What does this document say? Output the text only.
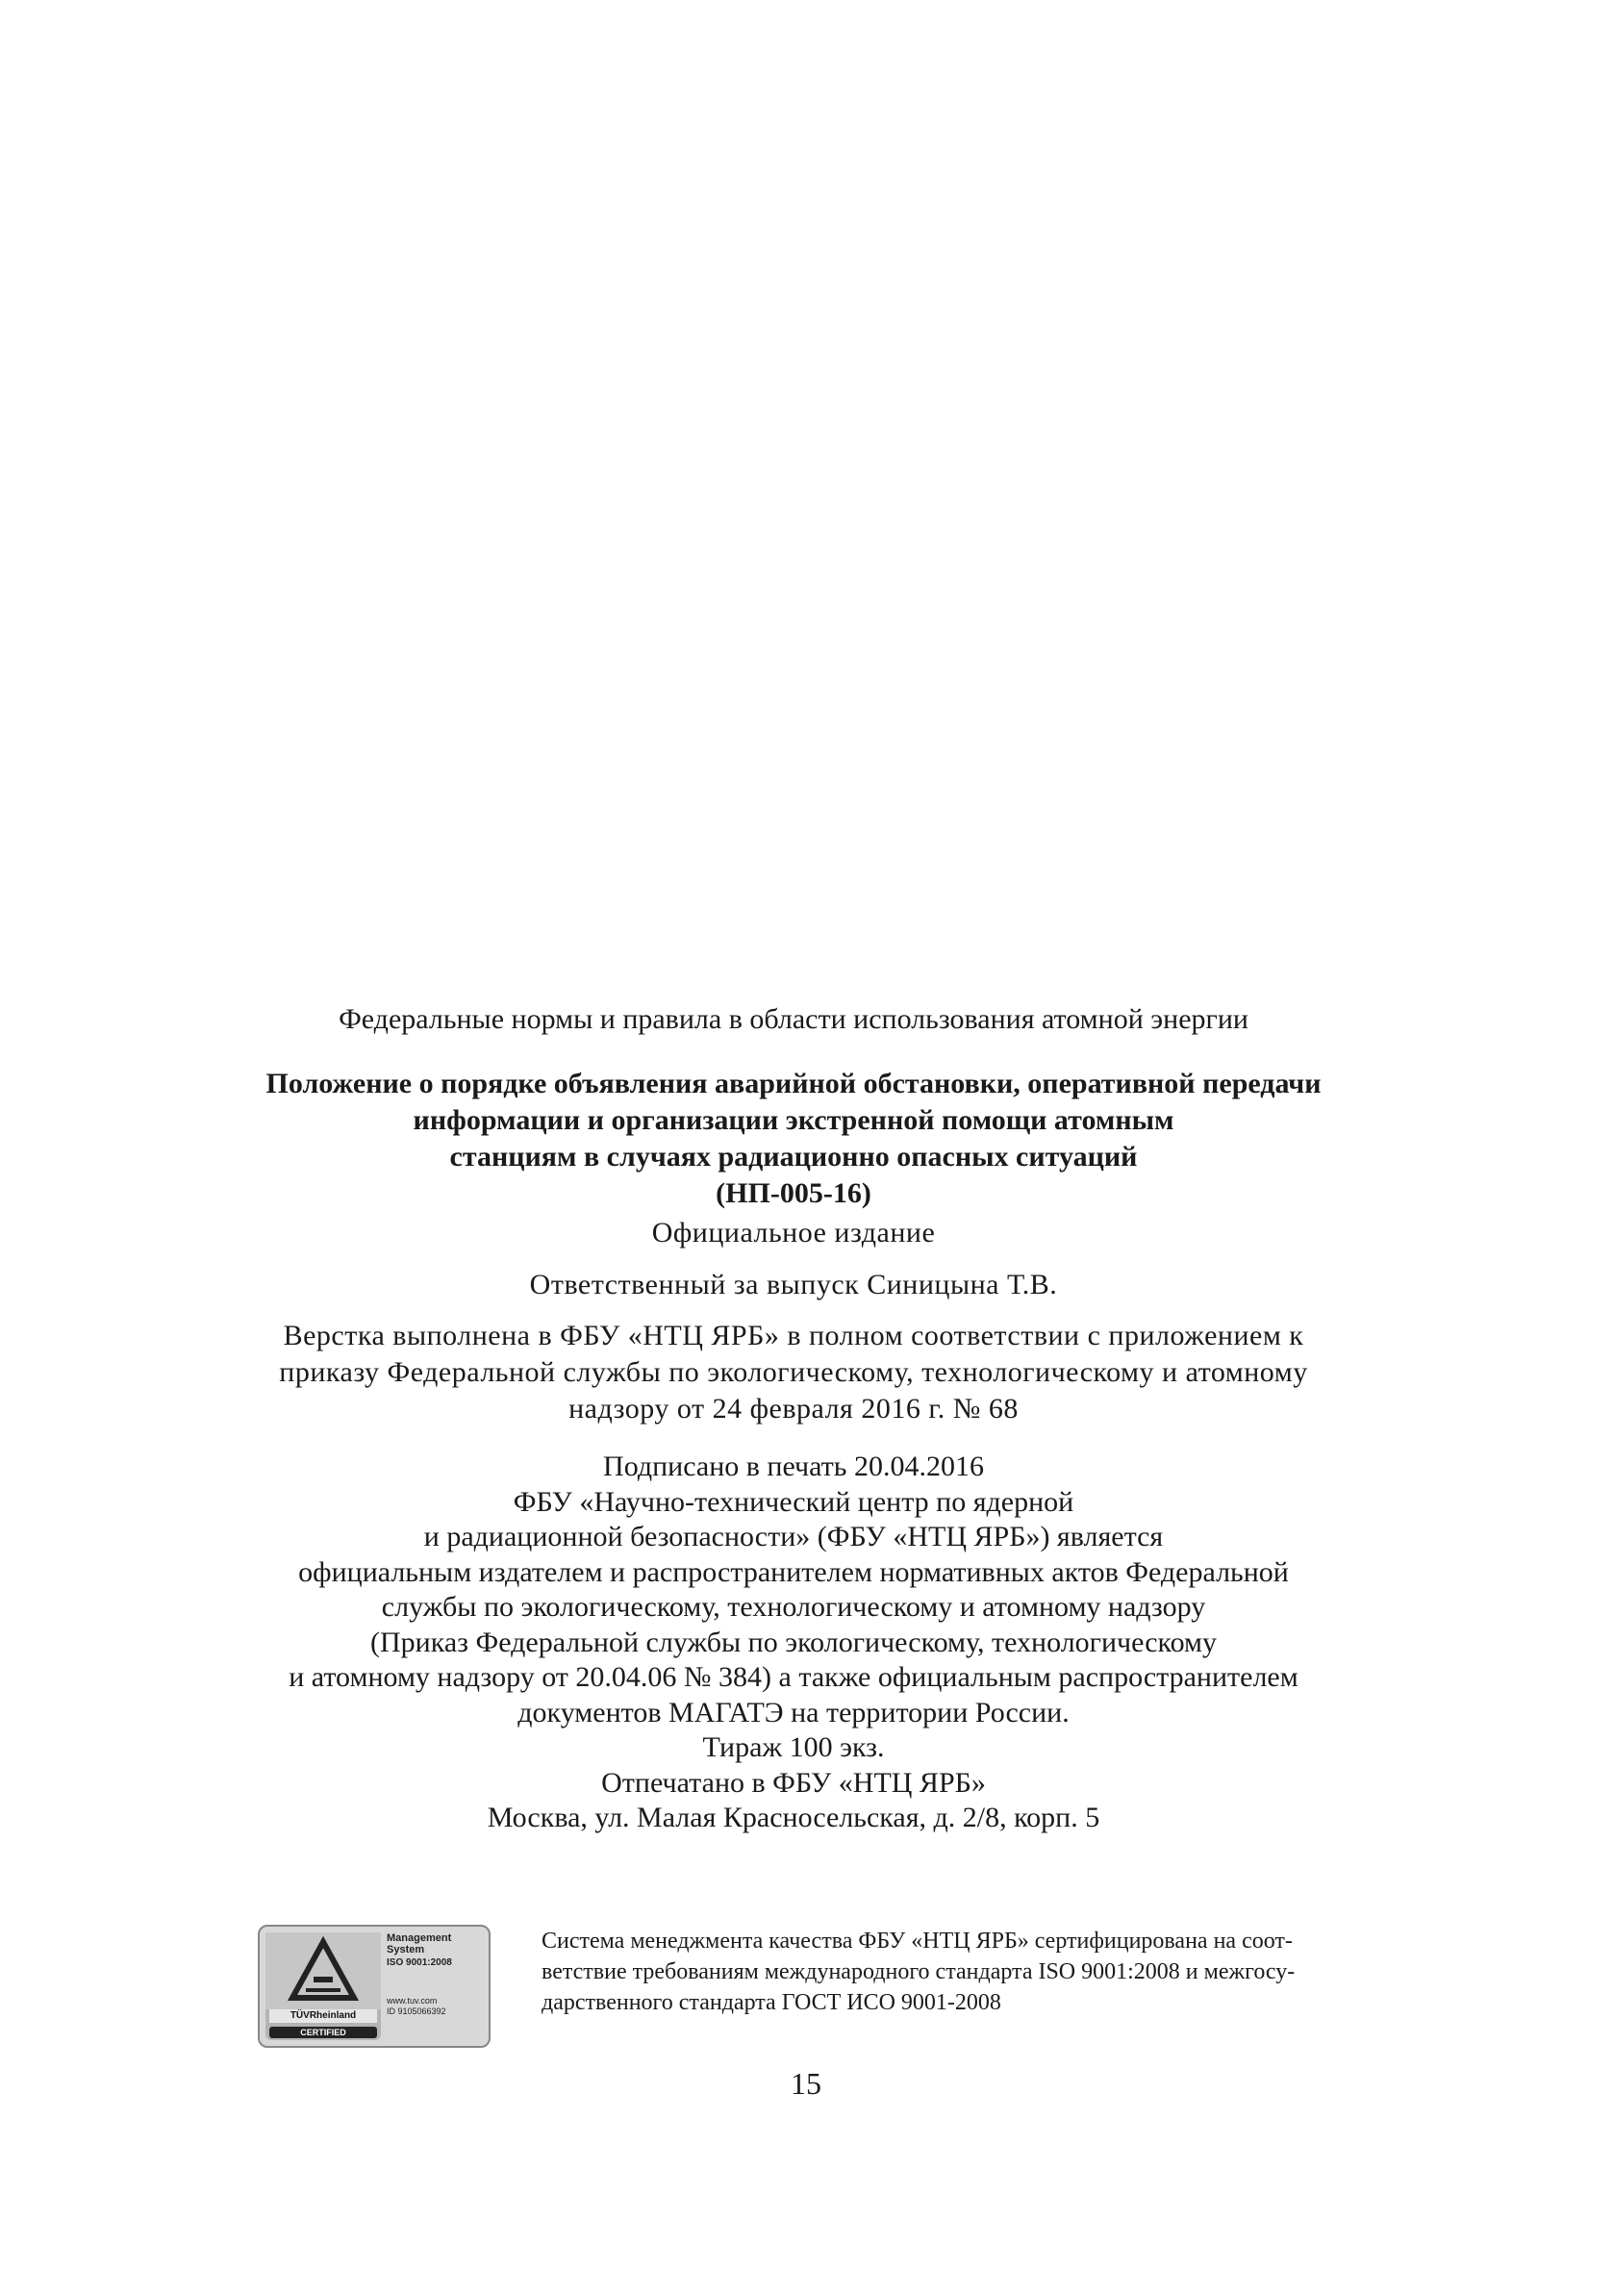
Федеральные нормы и правила в области использования атомной энергии
Положение о порядке объявления аварийной обстановки, оперативной передачи
информации и организации экстренной помощи атомным
станциям в случаях радиационно опасных ситуаций
(НП-005-16)
Официальное издание
Ответственный за выпуск Синицына Т.В.
Верстка выполнена в ФБУ «НТЦ ЯРБ» в полном соответствии с приложением к
приказу Федеральной службы по экологическому, технологическому и атомному
надзору от 24 февраля 2016 г. № 68
Подписано в печать 20.04.2016
ФБУ «Научно-технический центр по ядерной
и радиационной безопасности» (ФБУ «НТЦ ЯРБ») является
официальным издателем и распространителем нормативных актов Федеральной
службы по экологическому, технологическому и атомному надзору
(Приказ Федеральной службы по экологическому, технологическому
и атомному надзору от 20.04.06 № 384) а также официальным распространителем
документов МАГАТЭ на территории России.
Тираж 100 экз.
Отпечатано в ФБУ «НТЦ ЯРБ»
Москва, ул. Малая Красносельская, д. 2/8, корп. 5
TÜVRheinland
CERTIFIED
Management
System
ISO 9001:2008
www.tuv.com
ID 9105066392
Система менеджмента качества ФБУ «НТЦ ЯРБ» сертифицирована на соот-
ветствие требованиям международного стандарта ISO 9001:2008 и межгосу-
дарственного стандарта ГОСТ ИСО 9001-2008
15
